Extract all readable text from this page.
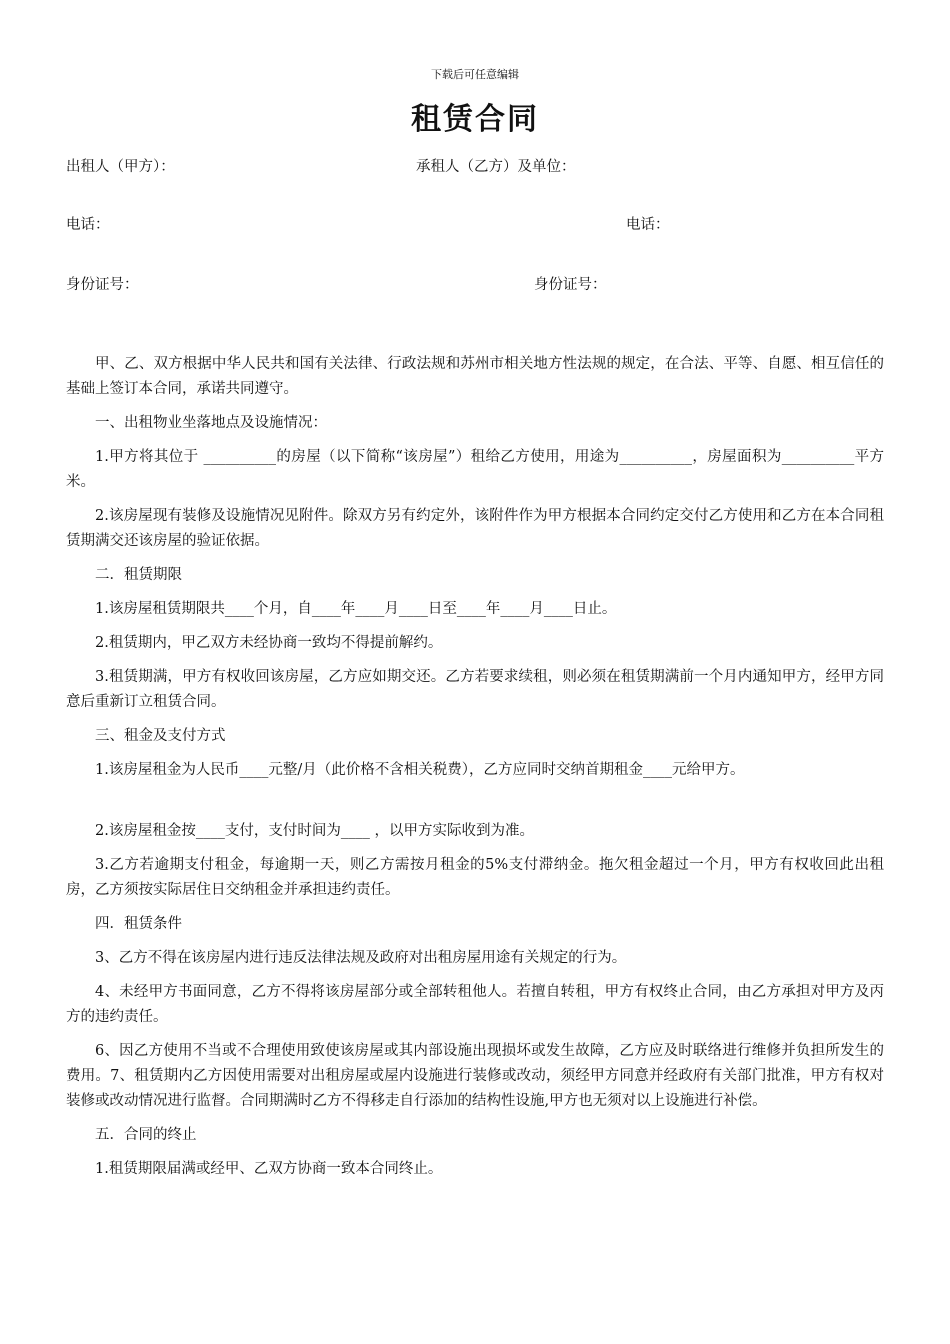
下载后可任意编辑
租赁合同
出租人（甲方）：	承租人（乙方）及单位：
电话：	电话：
身份证号：	身份证号：

甲、乙、双方根据中华人民共和国有关法律、行政法规和苏州市相关地方性法规的规定，在合法、平等、自愿、相互信任的基础上签订本合同，承诺共同遵守。

一、出租物业坐落地点及设施情况：

1.甲方将其位于 __________的房屋（以下简称“该房屋”）租给乙方使用，用途为__________，房屋面积为__________平方米。

2.该房屋现有装修及设施情况见附件。除双方另有约定外，该附件作为甲方根据本合同约定交付乙方使用和乙方在本合同租赁期满交还该房屋的验证依据。

二．租赁期限

1.该房屋租赁期限共____个月，自____年____月____日至____年____月____日止。

2.租赁期内，甲乙双方未经协商一致均不得提前解约。

3.租赁期满，甲方有权收回该房屋，乙方应如期交还。乙方若要求续租，则必须在租赁期满前一个月内通知甲方，经甲方同意后重新订立租赁合同。

三、租金及支付方式

1.该房屋租金为人民币____元整/月（此价格不含相关税费），乙方应同时交纳首期租金____元给甲方。

2.该房屋租金按____支付，支付时间为____ ，以甲方实际收到为准。

3.乙方若逾期支付租金，每逾期一天，则乙方需按月租金的5%支付滞纳金。拖欠租金超过一个月，甲方有权收回此出租房，乙方须按实际居住日交纳租金并承担违约责任。

四．租赁条件

3、乙方不得在该房屋内进行违反法律法规及政府对出租房屋用途有关规定的行为。

4、未经甲方书面同意，乙方不得将该房屋部分或全部转租他人。若擅自转租，甲方有权终止合同，由乙方承担对甲方及丙方的违约责任。

6、因乙方使用不当或不合理使用致使该房屋或其内部设施出现损坏或发生故障，乙方应及时联络进行维修并负担所发生的费用。7、租赁期内乙方因使用需要对出租房屋或屋内设施进行装修或改动，须经甲方同意并经政府有关部门批准，甲方有权对装修或改动情况进行监督。合同期满时乙方不得移走自行添加的结构性设施,甲方也无须对以上设施进行补偿。

五．合同的终止

1.租赁期限届满或经甲、乙双方协商一致本合同终止。
